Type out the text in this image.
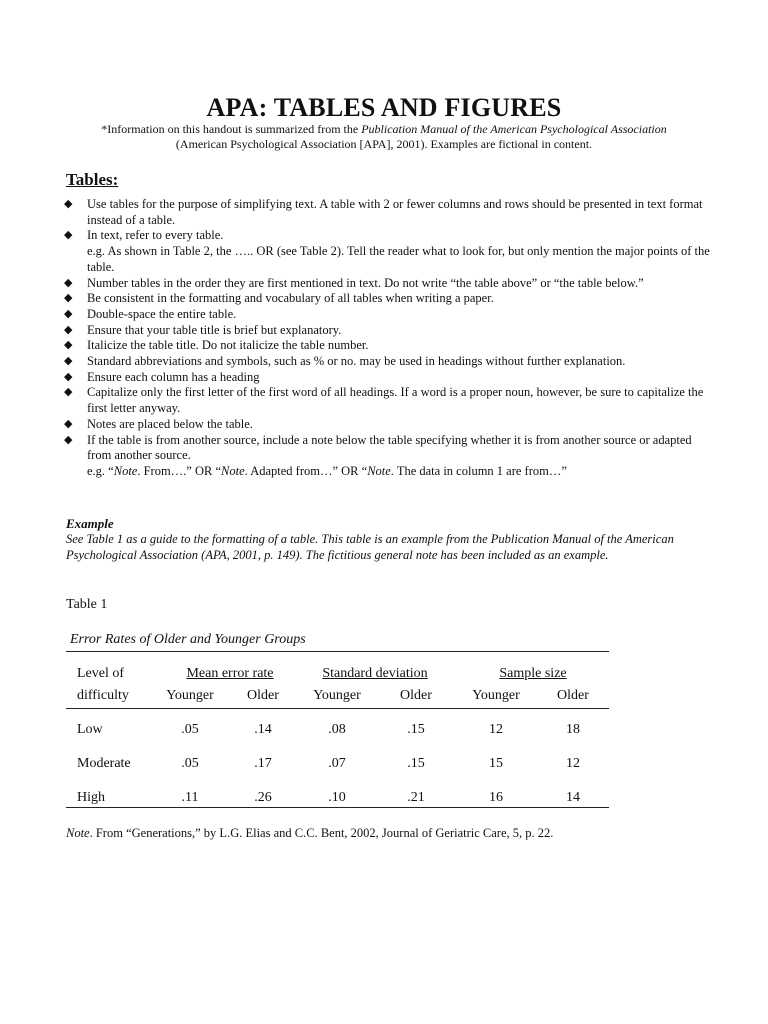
APA: TABLES AND FIGURES
*Information on this handout is summarized from the Publication Manual of the American Psychological Association
(American Psychological Association [APA], 2001). Examples are fictional in content.
Tables:
◆ Use tables for the purpose of simplifying text. A table with 2 or fewer columns and rows should be presented in text format instead of a table.
◆ In text, refer to every table.
e.g. As shown in Table 2, the ….. OR (see Table 2). Tell the reader what to look for, but only mention the major points of the table.
◆ Number tables in the order they are first mentioned in text. Do not write “the table above” or “the table below.”
◆ Be consistent in the formatting and vocabulary of all tables when writing a paper.
◆ Double-space the entire table.
◆ Ensure that your table title is brief but explanatory.
◆ Italicize the table title. Do not italicize the table number.
◆ Standard abbreviations and symbols, such as % or no. may be used in headings without further explanation.
◆ Ensure each column has a heading
◆ Capitalize only the first letter of the first word of all headings. If a word is a proper noun, however, be sure to capitalize the first letter anyway.
◆ Notes are placed below the table.
◆ If the table is from another source, include a note below the table specifying whether it is from another source or adapted from another source.
e.g. “Note. From….” OR “Note. Adapted from…” OR “Note. The data in column 1 are from…”
Example
See Table 1 as a guide to the formatting of a table. This table is an example from the Publication Manual of the American Psychological Association (APA, 2001, p. 149). The fictitious general note has been included as an example.
Table 1
Error Rates of Older and Younger Groups
Level of
difficulty
Mean error rate	Standard deviation	Sample size
Younger	Older	Younger	Older	Younger	Older
Low	.05	.14	.08	.15	12	18
Moderate	.05	.17	.07	.15	15	12
High	.11	.26	.10	.21	16	14
Note. From “Generations,” by L.G. Elias and C.C. Bent, 2002, Journal of Geriatric Care, 5, p. 22.
